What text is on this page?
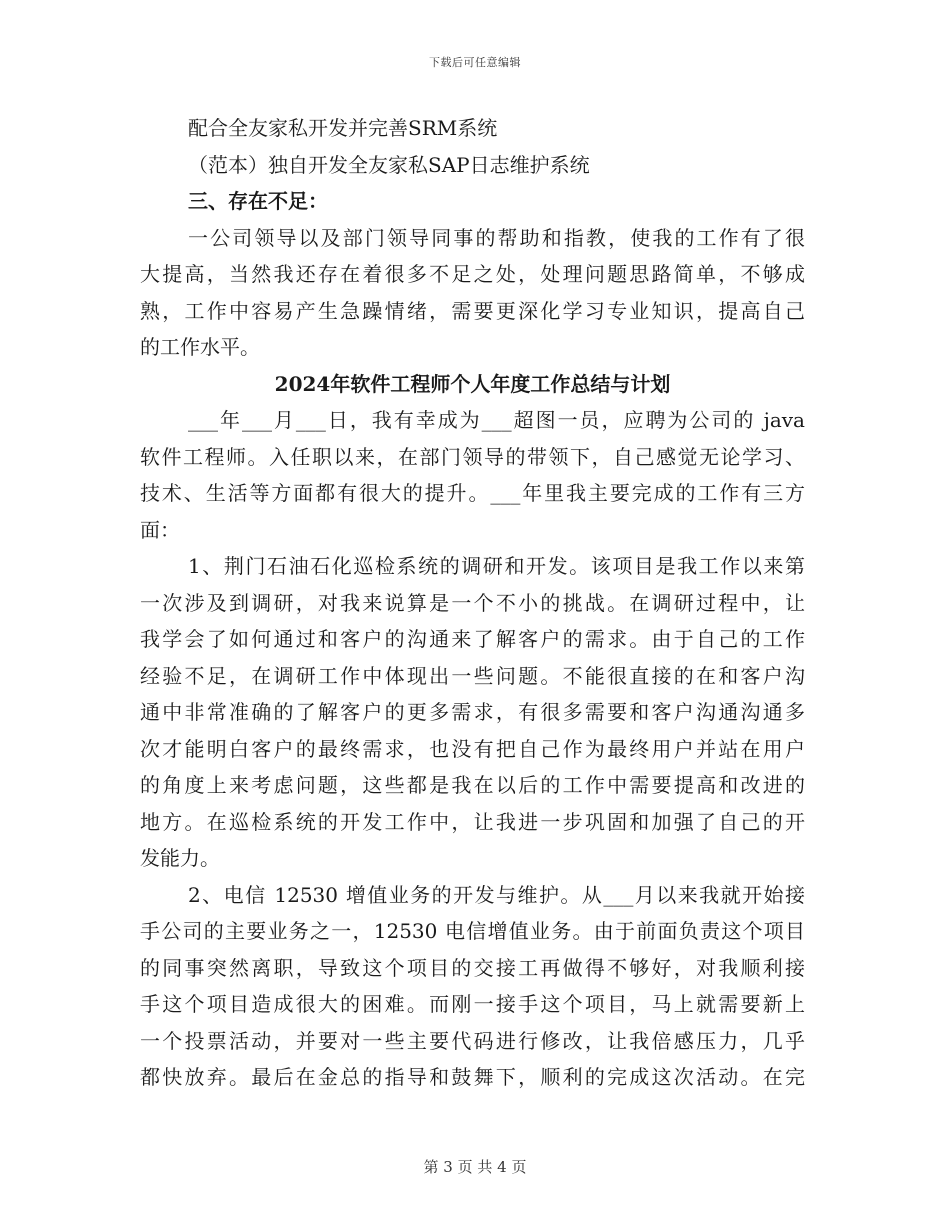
下载后可任意编辑
配合全友家私开发并完善SRM系统
（范本）独自开发全友家私SAP日志维护系统
三、存在不足：
一公司领导以及部门领导同事的帮助和指教，使我的工作有了很
大提高，当然我还存在着很多不足之处，处理问题思路简单，不够成
熟，工作中容易产生急躁情绪，需要更深化学习专业知识，提高自己
的工作水平。
2024年软件工程师个人年度工作总结与计划
___年___月___日，我有幸成为___超图一员，应聘为公司的 java
软件工程师。入任职以来，在部门领导的带领下，自己感觉无论学习、
技术、生活等方面都有很大的提升。___年里我主要完成的工作有三方
面：
1、荆门石油石化巡检系统的调研和开发。该项目是我工作以来第
一次涉及到调研，对我来说算是一个不小的挑战。在调研过程中，让
我学会了如何通过和客户的沟通来了解客户的需求。由于自己的工作
经验不足，在调研工作中体现出一些问题。不能很直接的在和客户沟
通中非常准确的了解客户的更多需求，有很多需要和客户沟通沟通多
次才能明白客户的最终需求，也没有把自己作为最终用户并站在用户
的角度上来考虑问题，这些都是我在以后的工作中需要提高和改进的
地方。在巡检系统的开发工作中，让我进一步巩固和加强了自己的开
发能力。
2、电信 12530 增值业务的开发与维护。从___月以来我就开始接
手公司的主要业务之一，12530 电信增值业务。由于前面负责这个项目
的同事突然离职，导致这个项目的交接工再做得不够好，对我顺利接
手这个项目造成很大的困难。而刚一接手这个项目，马上就需要新上
一个投票活动，并要对一些主要代码进行修改，让我倍感压力，几乎
都快放弃。最后在金总的指导和鼓舞下，顺利的完成这次活动。在完
第 3 页 共 4 页
